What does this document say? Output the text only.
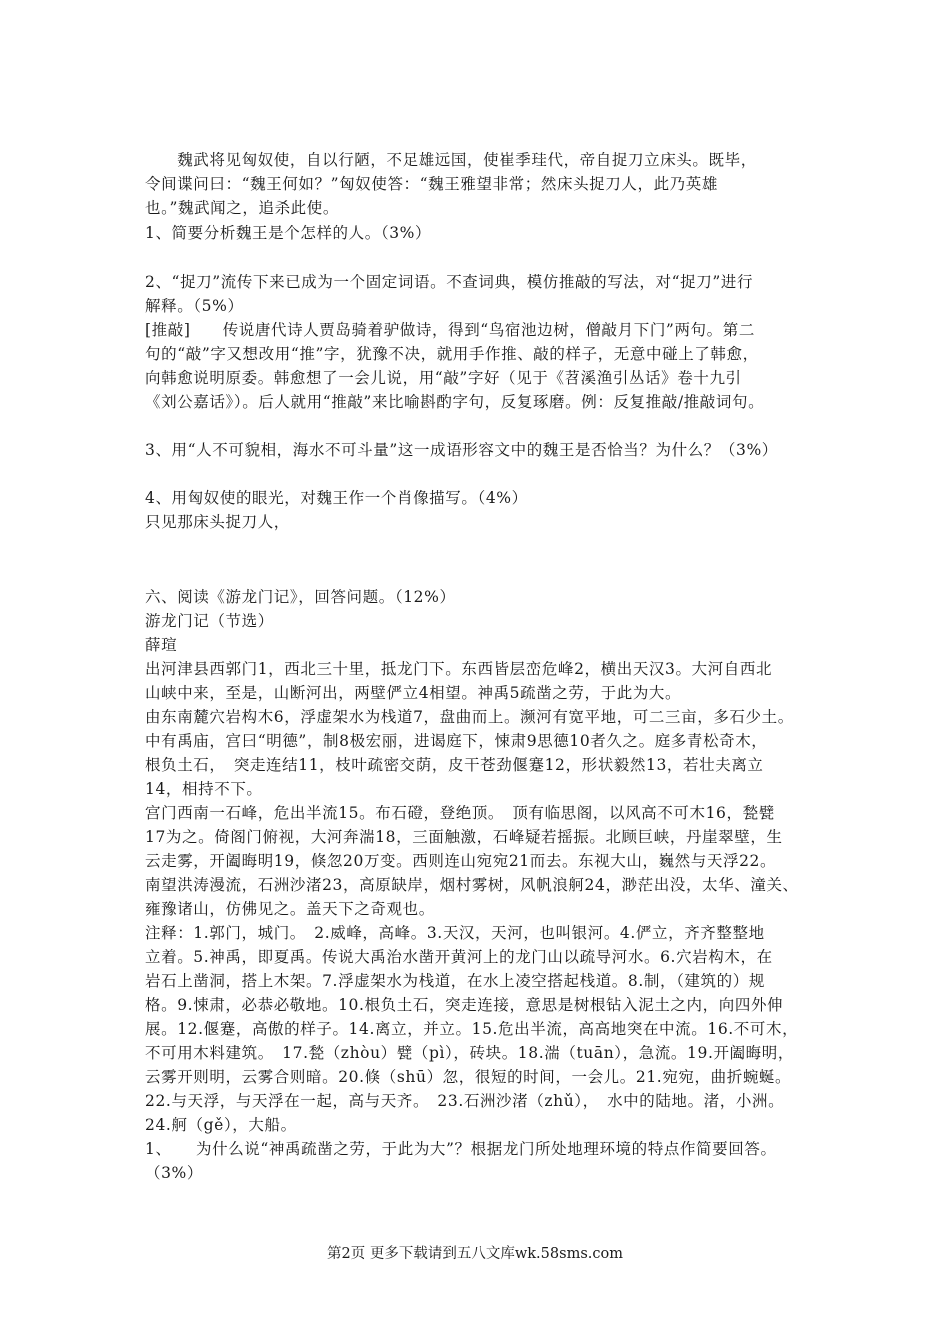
　　魏武将见匈奴使，自以行陋，不足雄远国，使崔季珪代，帝自捉刀立床头。既毕，
令间谍问曰：“魏王何如？”匈奴使答：“魏王雅望非常；然床头捉刀人，此乃英雄
也。”魏武闻之，追杀此使。
1、简要分析魏王是个怎样的人。（3%）
2、“捉刀”流传下来已成为一个固定词语。不查词典，模仿推敲的写法，对“捉刀”进行
解释。（5%）
[推敲]　　传说唐代诗人贾岛骑着驴做诗，得到“鸟宿池边树，僧敲月下门”两句。第二
句的“敲”字又想改用“推”字，犹豫不决，就用手作推、敲的样子，无意中碰上了韩愈，
向韩愈说明原委。韩愈想了一会儿说，用“敲”字好（见于《苕溪渔引丛话》卷十九引
《刘公嘉话》）。后人就用“推敲”来比喻斟酌字句，反复琢磨。例：反复推敲/推敲词句。
3、用“人不可貌相，海水不可斗量”这一成语形容文中的魏王是否恰当？为什么？（3%）
4、用匈奴使的眼光，对魏王作一个肖像描写。（4%）
只见那床头捉刀人，
六、阅读《游龙门记》，回答问题。（12%）
游龙门记（节选）
薛瑄
出河津县西郭门1，西北三十里，抵龙门下。东西皆层峦危峰2，横出天汉3。大河自西北
山峡中来，至是，山断河出，两壁俨立4相望。神禹5疏凿之劳，于此为大。
由东南麓穴岩构木6，浮虚架水为栈道7，盘曲而上。濒河有宽平地，可二三亩，多石少土。
中有禹庙，宫曰“明德”，制8极宏丽，进谒庭下，悚肃9思德10者久之。庭多青松奇木，
根负土石，　突走连结11，枝叶疏密交荫，皮干苍劲偃蹇12，形状毅然13，若壮夫离立
14，相持不下。
宫门西南一石峰，危出半流15。布石磴，登绝顶。　顶有临思阁，以风高不可木16，甃甓
17为之。倚阁门俯视，大河奔湍18，三面触激，石峰疑若摇振。北顾巨峡，丹崖翠壁，生
云走雾，开阖晦明19，倏忽20万变。西则连山宛宛21而去。东视大山，巍然与天浮22。
南望洪涛漫流，石洲沙渚23，高原缺岸，烟村雾树，风帆浪舸24，渺茫出没，太华、潼关、
雍豫诸山，仿佛见之。盖天下之奇观也。
注释：1.郭门，城门。　2.威峰，高峰。3.天汉，天河，也叫银河。4.俨立，齐齐整整地
立着。5.神禹，即夏禹。传说大禹治水凿开黄河上的龙门山以疏导河水。6.穴岩构木，在
岩石上凿洞，搭上木架。7.浮虚架水为栈道，在水上凌空搭起栈道。8.制，（建筑的）规
格。9.悚肃，必恭必敬地。10.根负土石，突走连接，意思是树根钻入泥土之内，向四外伸
展。12.偃蹇，高傲的样子。14.离立，并立。15.危出半流，高高地突在中流。16.不可木，
不可用木料建筑。　17.甃（zhòu）甓（pì），砖块。18.湍（tuān），急流。19.开阖晦明，
云雾开则明，云雾合则暗。20.倏（shū）忽，很短的时间，一会儿。21.宛宛，曲折蜿蜒。
22.与天浮，与天浮在一起，高与天齐。　23.石洲沙渚（zhǔ），　水中的陆地。渚，小洲。
24.舸（gě），大船。
1、　　为什么说“神禹疏凿之劳，于此为大”？根据龙门所处地理环境的特点作简要回答。
（3%）
第2页 更多下载请到五八文库wk.58sms.com
